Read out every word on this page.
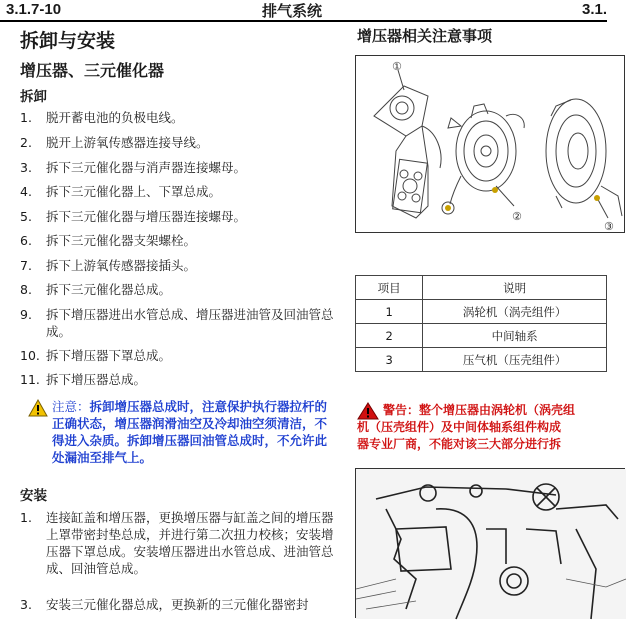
3.1.7-10	排气系统	3.1.
拆卸与安装
增压器、三元催化器
拆卸
1.	脱开蓄电池的负极电线。
2.	脱开上游氧传感器连接导线。
3.	拆下三元催化器与消声器连接螺母。
4.	拆下三元催化器上、下罩总成。
5.	拆下三元催化器与增压器连接螺母。
6.	拆下三元催化器支架螺栓。
7.	拆下上游氧传感器接插头。
8.	拆下三元催化器总成。
9.	拆下增压器进出水管总成、增压器进油管及回油管总成。
10. 拆下增压器下罩总成。
11. 拆下增压器总成。
注意：拆卸增压器总成时，注意保护执行器拉杆的正确状态，增压器润滑油空及冷却油空须清洁，不得进入杂质。拆卸增压器回油管总成时，不允许此处漏油至排气上。
安装
1.	连接缸盖和增压器，更换增压器与缸盖之间的增压器上罩带密封垫总成，并进行第二次扭力校核；安装增压器下罩总成。安装增压器进出水管总成、进油管总成、回油管总成。
3.	安装三元催化器总成，更换新的三元催化器密封
增压器相关注意事项
①
②
③
项目	说明
1	涡轮机（涡壳组件）
2	中间轴系
3	压气机（压壳组件）
警告：整个增压器由涡轮机（涡壳组
机（压壳组件）及中间体轴系组件构成
器专业厂商，不能对该三大部分进行拆
